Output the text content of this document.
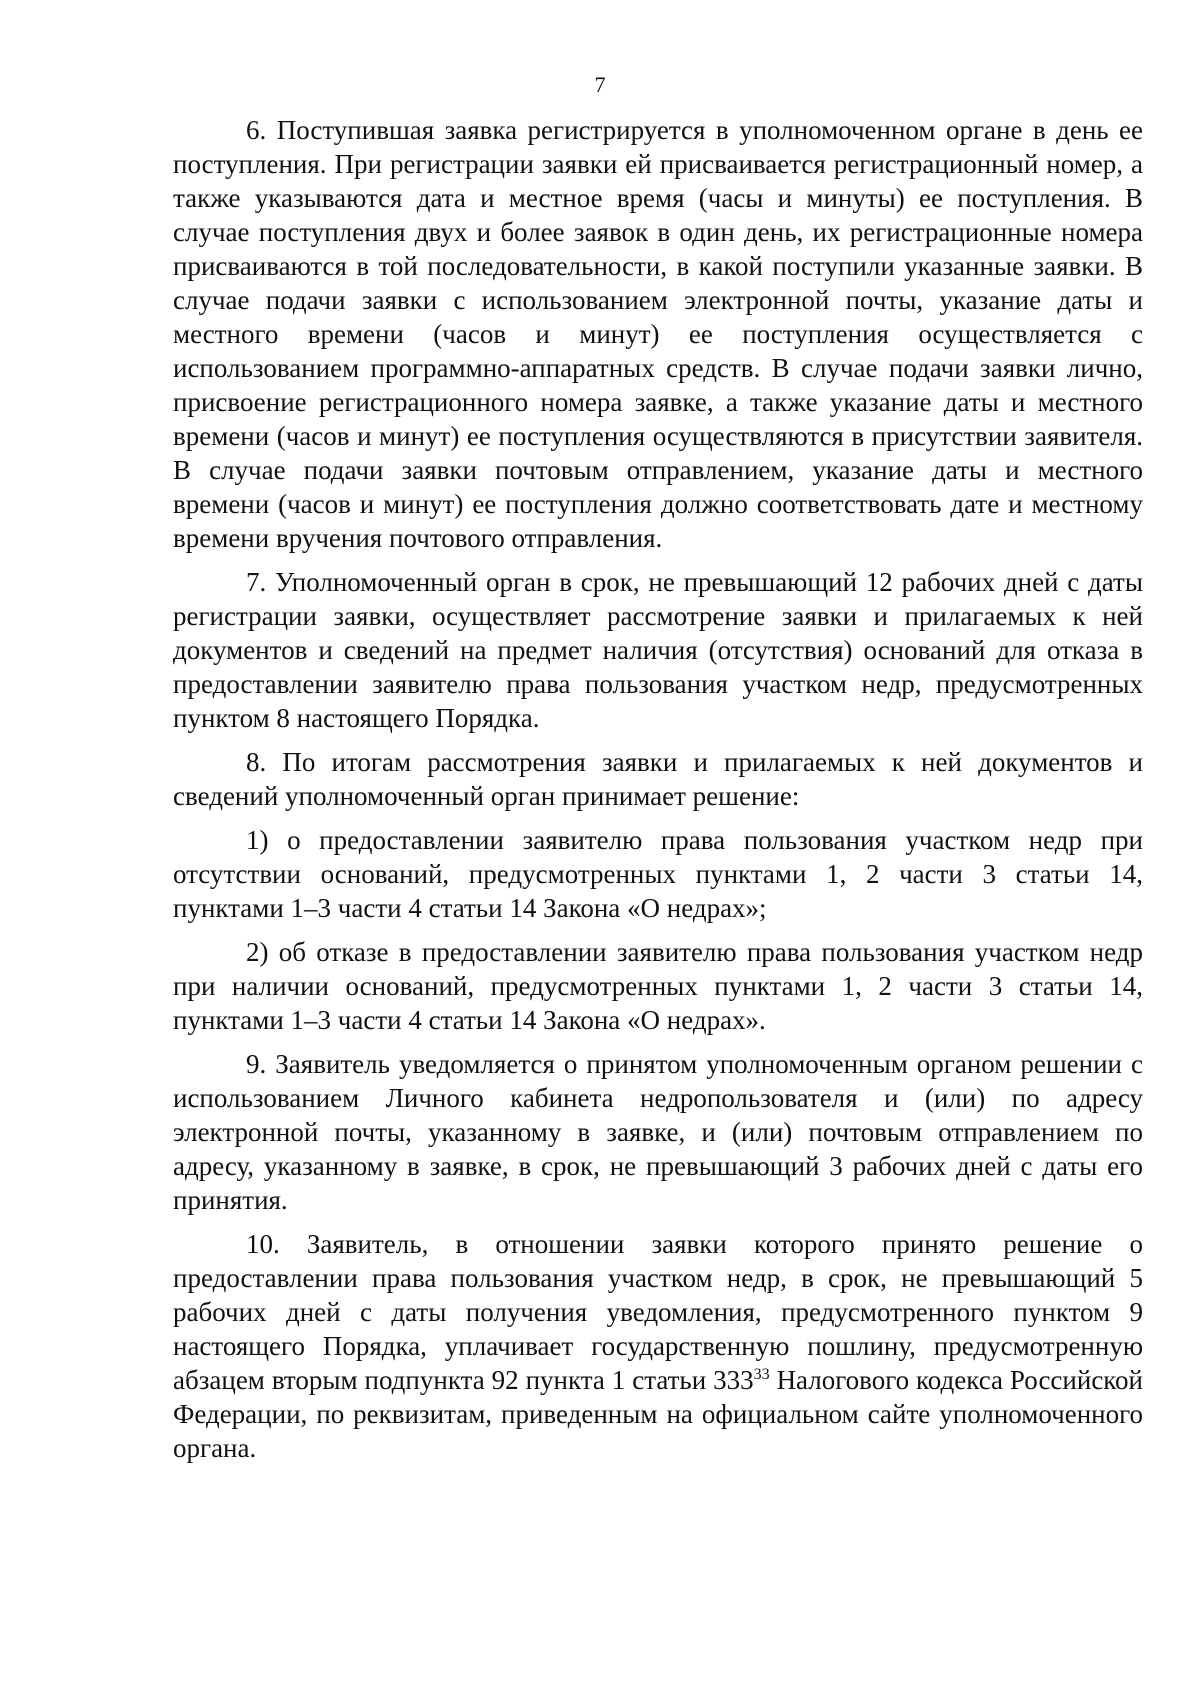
7

6. Поступившая заявка регистрируется в уполномоченном органе в день ее поступления. При регистрации заявки ей присваивается регистрационный номер, а также указываются дата и местное время (часы и минуты) ее поступления. В случае поступления двух и более заявок в один день, их регистрационные номера присваиваются в той последовательности, в какой поступили указанные заявки. В случае подачи заявки с использованием электронной почты, указание даты и местного времени (часов и минут) ее поступления осуществляется с использованием программно-аппаратных средств. В случае подачи заявки лично, присвоение регистрационного номера заявке, а также указание даты и местного времени (часов и минут) ее поступления осуществляются в присутствии заявителя. В случае подачи заявки почтовым отправлением, указание даты и местного времени (часов и минут) ее поступления должно соответствовать дате и местному времени вручения почтового отправления.

7. Уполномоченный орган в срок, не превышающий 12 рабочих дней с даты регистрации заявки, осуществляет рассмотрение заявки и прилагаемых к ней документов и сведений на предмет наличия (отсутствия) оснований для отказа в предоставлении заявителю права пользования участком недр, предусмотренных пунктом 8 настоящего Порядка.

8. По итогам рассмотрения заявки и прилагаемых к ней документов и сведений уполномоченный орган принимает решение:

1) о предоставлении заявителю права пользования участком недр при отсутствии оснований, предусмотренных пунктами 1, 2 части 3 статьи 14, пунктами 1–3 части 4 статьи 14 Закона «О недрах»;

2) об отказе в предоставлении заявителю права пользования участком недр при наличии оснований, предусмотренных пунктами 1, 2 части 3 статьи 14, пунктами 1–3 части 4 статьи 14 Закона «О недрах».

9. Заявитель уведомляется о принятом уполномоченным органом решении с использованием Личного кабинета недропользователя и (или) по адресу электронной почты, указанному в заявке, и (или) почтовым отправлением по адресу, указанному в заявке, в срок, не превышающий 3 рабочих дней с даты его принятия.

10. Заявитель, в отношении заявки которого принято решение о предоставлении права пользования участком недр, в срок, не превышающий 5 рабочих дней с даты получения уведомления, предусмотренного пунктом 9 настоящего Порядка, уплачивает государственную пошлину, предусмотренную абзацем вторым подпункта 92 пункта 1 статьи $333^{33}$ Налогового кодекса Российской Федерации, по реквизитам, приведенным на официальном сайте уполномоченного органа.
